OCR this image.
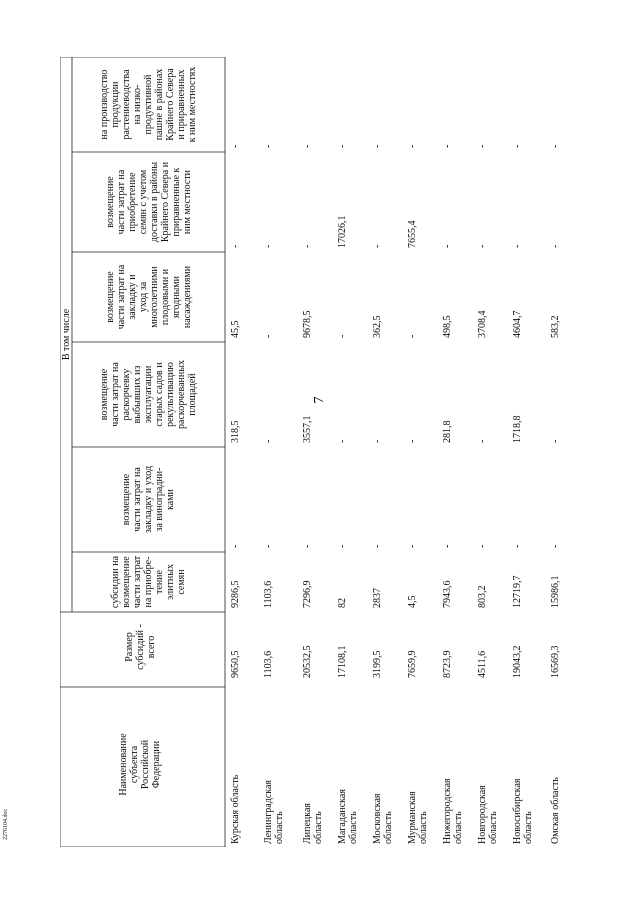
7
2276104.doc
Наименование
субъекта
Российской
Федерации
Размер
субсидий -
всего
В том числе
субсидии на
возмещение
части затрат
на приобре-
тение
элитных
семян
возмещение
части затрат на
закладку и уход
за виноградни-
ками
возмещение
части затрат на
раскорчевку
выбывших из
эксплуатации
старых садов и
рекультивацию
раскорчеванных
площадей
возмещение
части затрат на
закладку и
уход за
многолетними
плодовыми и
ягодными
насаждениями
возмещение
части затрат на
приобретение
семян с учетом
доставки в районы
Крайнего Севера и
приравненные к
ним местности
на производство
продукции
растениеводства
на низко-
продуктивной
пашне в районах
Крайнего Севера
и приравненных
к ним местностях
Курская область
9650,5
9286,5
-
318,5
45,5
-
-
Ленинградская
область
1103,6
1103,6
-
-
-
-
-
Липецкая
область
20532,5
7296,9
-
3557,1
9678,5
-
-
Магаданская
область
17108,1
82
-
-
-
17026,1
-
Московская
область
3199,5
2837
-
-
362,5
-
-
Мурманская
область
7659,9
4,5
-
-
-
7655,4
-
Нижегородская
область
8723,9
7943,6
-
281,8
498,5
-
-
Новгородская
область
4511,6
803,2
-
-
3708,4
-
-
Новосибирская
область
19043,2
12719,7
-
1718,8
4604,7
-
-
Омская область
16569,3
15986,1
-
-
583,2
-
-
